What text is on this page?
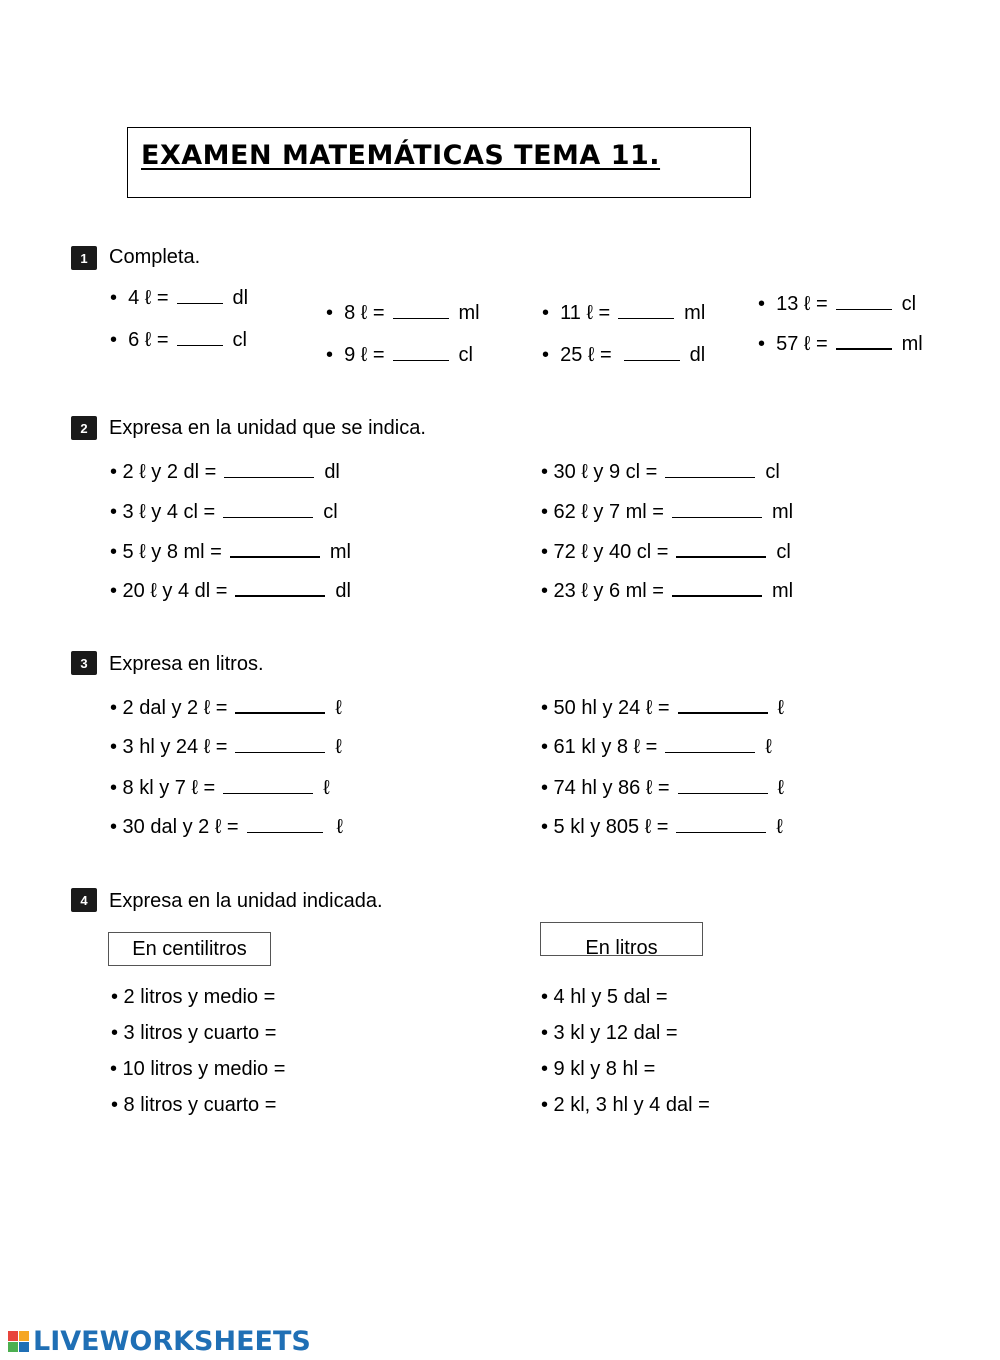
EXAMEN MATEMÁTICAS TEMA 11.
1	Completa.
• 4 ℓ =	dl
• 6 ℓ =	cl
• 8 ℓ =	ml
• 9 ℓ =	cl
• 11 ℓ =	ml
• 25 ℓ =	dl
• 13 ℓ =	cl
• 57 ℓ =	ml
2	Expresa en la unidad que se indica.
• 2 ℓ y 2 dl =	dl
• 3 ℓ y 4 cl =	cl
• 5 ℓ y 8 ml =	ml
• 20 ℓ y 4 dl =	dl
• 30 ℓ y 9 cl =	cl
• 62 ℓ y 7 ml =	ml
• 72 ℓ y 40 cl =	cl
• 23 ℓ y 6 ml =	ml
3	Expresa en litros.
• 2 dal y 2 ℓ =	ℓ
• 3 hl y 24 ℓ =	ℓ
• 8 kl y 7 ℓ =	ℓ
• 30 dal y 2 ℓ =	ℓ
• 50 hl y 24 ℓ =	ℓ
• 61 kl y 8 ℓ =	ℓ
• 74 hl y 86 ℓ =	ℓ
• 5 kl y 805 ℓ =	ℓ
4	Expresa en la unidad indicada.
En centilitros	En litros
• 2 litros y medio =
• 3 litros y cuarto =
• 10 litros y medio =
• 8 litros y cuarto =
• 4 hl y 5 dal =
• 3 kl y 12 dal =
• 9 kl y 8 hl =
• 2 kl, 3 hl y 4 dal =
LIVEWORKSHEETS
